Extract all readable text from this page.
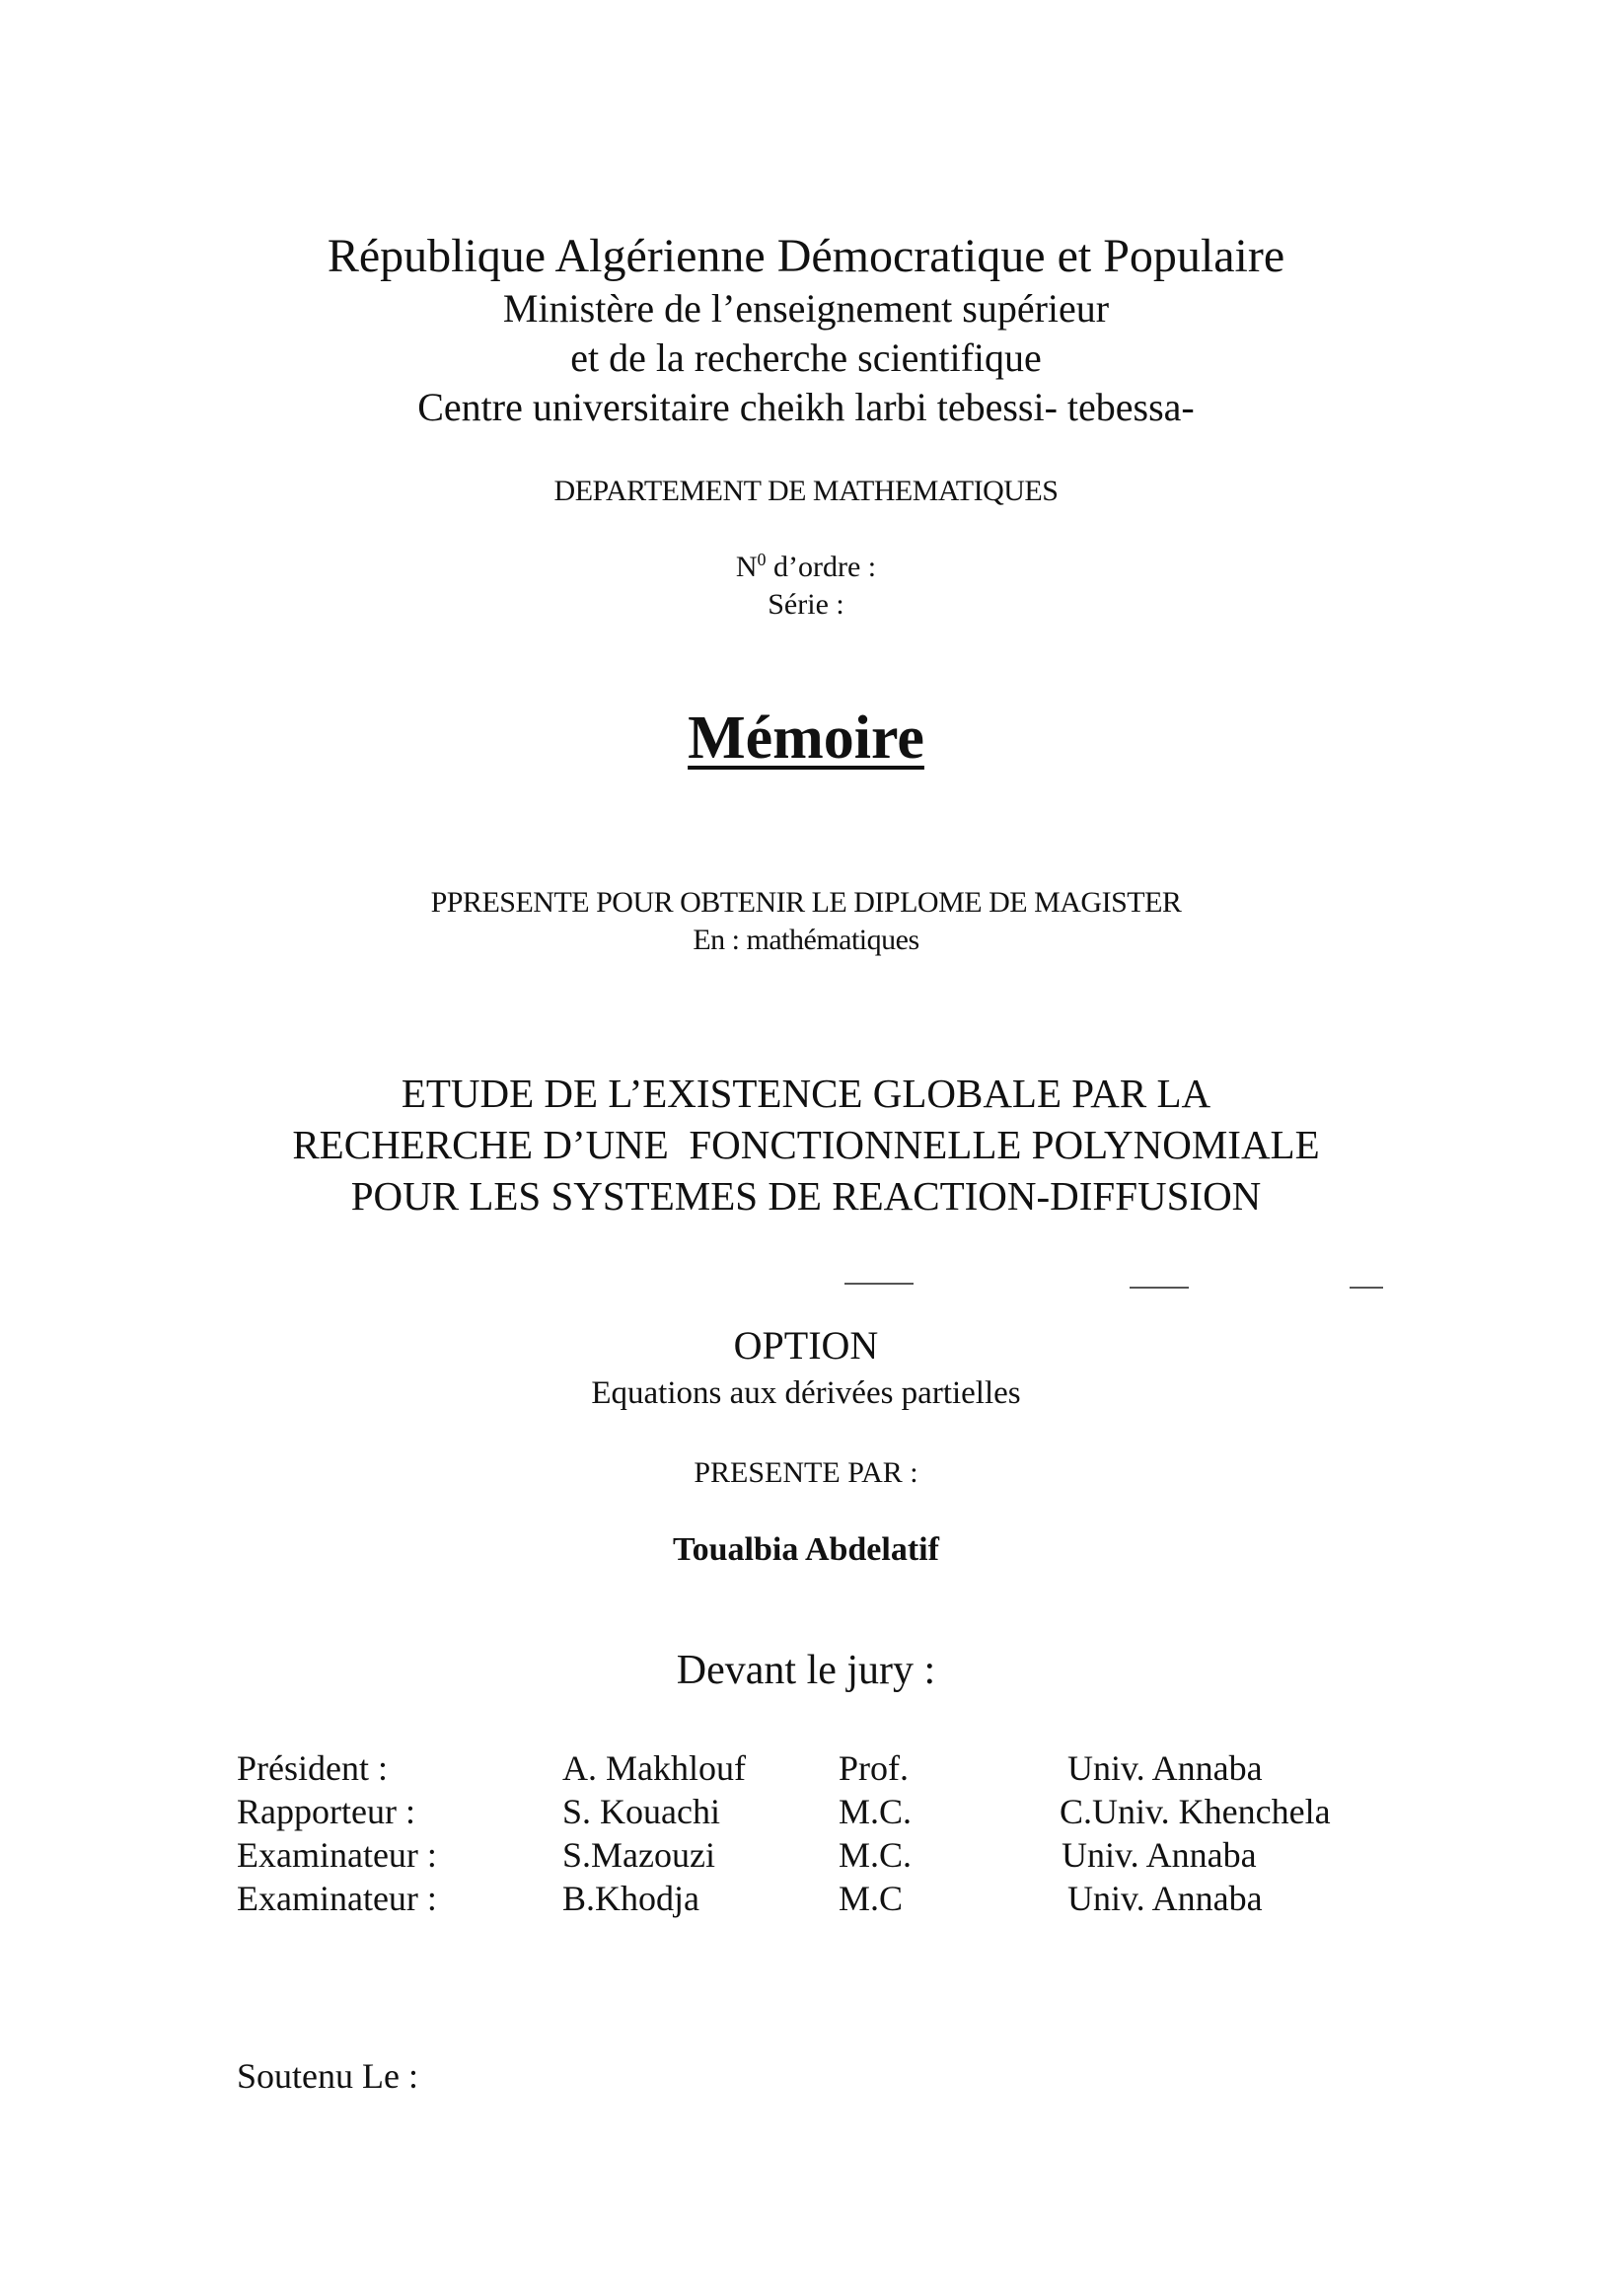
République Algérienne Démocratique et Populaire
Ministère de l’enseignement supérieur
et de la recherche scientifique
Centre universitaire cheikh larbi tebessi- tebessa-
DEPARTEMENT DE MATHEMATIQUES
$N^0$ d’ordre :
Série :
Mémoire
PPRESENTE POUR OBTENIR LE DIPLOME DE MAGISTER
En : mathématiques
ETUDE DE L’EXISTENCE GLOBALE PAR LA
RECHERCHE D’UNE  FONCTIONNELLE POLYNOMIALE
POUR LES SYSTEMES DE REACTION-DIFFUSION
OPTION
Equations aux dérivées partielles
PRESENTE PAR :
Toualbia Abdelatif
Devant le jury :
Président :	A. Makhlouf	Prof.	Univ. Annaba
Rapporteur :	S. Kouachi	M.C.	C.Univ. Khenchela
Examinateur :	S.Mazouzi	M.C.	Univ. Annaba
Examinateur :	B.Khodja	M.C	Univ. Annaba
Soutenu Le :
